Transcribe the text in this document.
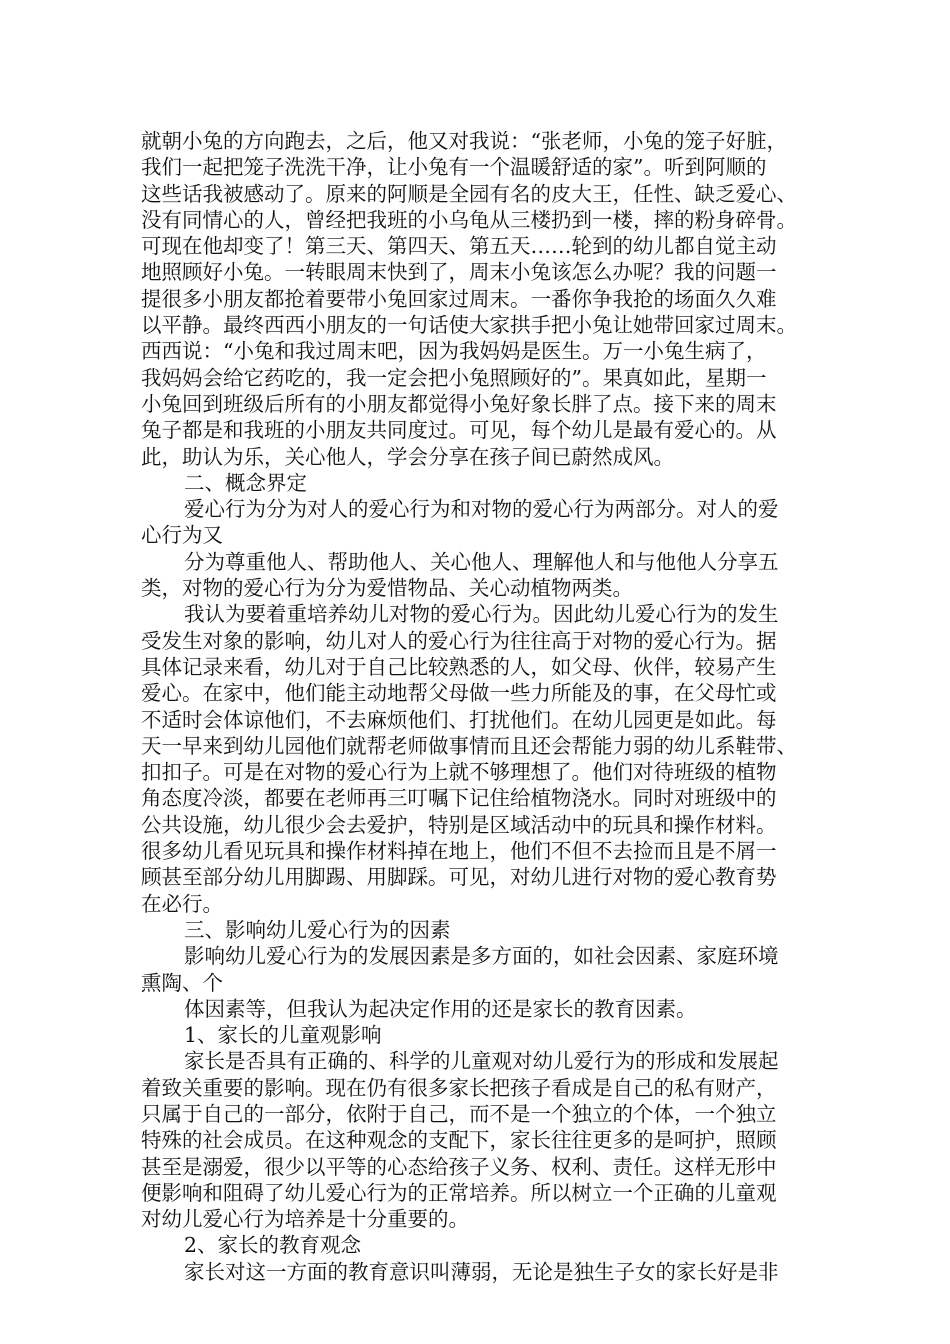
就朝小兔的方向跑去，之后，他又对我说：“张老师，小兔的笼子好脏，
我们一起把笼子洗洗干净，让小兔有一个温暖舒适的家”。听到阿顺的
这些话我被感动了。原来的阿顺是全园有名的皮大王，任性、缺乏爱心、
没有同情心的人，曾经把我班的小乌龟从三楼扔到一楼，摔的粉身碎骨。
可现在他却变了！第三天、第四天、第五天……轮到的幼儿都自觉主动
地照顾好小兔。一转眼周末快到了，周末小兔该怎么办呢？我的问题一
提很多小朋友都抢着要带小兔回家过周末。一番你争我抢的场面久久难
以平静。最终西西小朋友的一句话使大家拱手把小兔让她带回家过周末。
西西说：“小兔和我过周末吧，因为我妈妈是医生。万一小兔生病了，
我妈妈会给它药吃的，我一定会把小兔照顾好的”。果真如此，星期一
小兔回到班级后所有的小朋友都觉得小兔好象长胖了点。接下来的周末
兔子都是和我班的小朋友共同度过。可见，每个幼儿是最有爱心的。从
此，助认为乐，关心他人，学会分享在孩子间已蔚然成风。
二、概念界定
爱心行为分为对人的爱心行为和对物的爱心行为两部分。对人的爱
心行为又
分为尊重他人、帮助他人、关心他人、理解他人和与他他人分享五
类，对物的爱心行为分为爱惜物品、关心动植物两类。
我认为要着重培养幼儿对物的爱心行为。因此幼儿爱心行为的发生
受发生对象的影响，幼儿对人的爱心行为往往高于对物的爱心行为。据
具体记录来看，幼儿对于自己比较熟悉的人，如父母、伙伴，较易产生
爱心。在家中，他们能主动地帮父母做一些力所能及的事，在父母忙或
不适时会体谅他们，不去麻烦他们、打扰他们。在幼儿园更是如此。每
天一早来到幼儿园他们就帮老师做事情而且还会帮能力弱的幼儿系鞋带、
扣扣子。可是在对物的爱心行为上就不够理想了。他们对待班级的植物
角态度冷淡，都要在老师再三叮嘱下记住给植物浇水。同时对班级中的
公共设施，幼儿很少会去爱护，特别是区域活动中的玩具和操作材料。
很多幼儿看见玩具和操作材料掉在地上，他们不但不去捡而且是不屑一
顾甚至部分幼儿用脚踢、用脚踩。可见，对幼儿进行对物的爱心教育势
在必行。
三、影响幼儿爱心行为的因素
影响幼儿爱心行为的发展因素是多方面的，如社会因素、家庭环境
熏陶、个
体因素等，但我认为起决定作用的还是家长的教育因素。
1、家长的儿童观影响
家长是否具有正确的、科学的儿童观对幼儿爱行为的形成和发展起
着致关重要的影响。现在仍有很多家长把孩子看成是自己的私有财产，
只属于自己的一部分，依附于自己，而不是一个独立的个体，一个独立
特殊的社会成员。在这种观念的支配下，家长往往更多的是呵护，照顾
甚至是溺爱，很少以平等的心态给孩子义务、权利、责任。这样无形中
便影响和阻碍了幼儿爱心行为的正常培养。所以树立一个正确的儿童观
对幼儿爱心行为培养是十分重要的。
2、家长的教育观念
家长对这一方面的教育意识叫薄弱，无论是独生子女的家长好是非
